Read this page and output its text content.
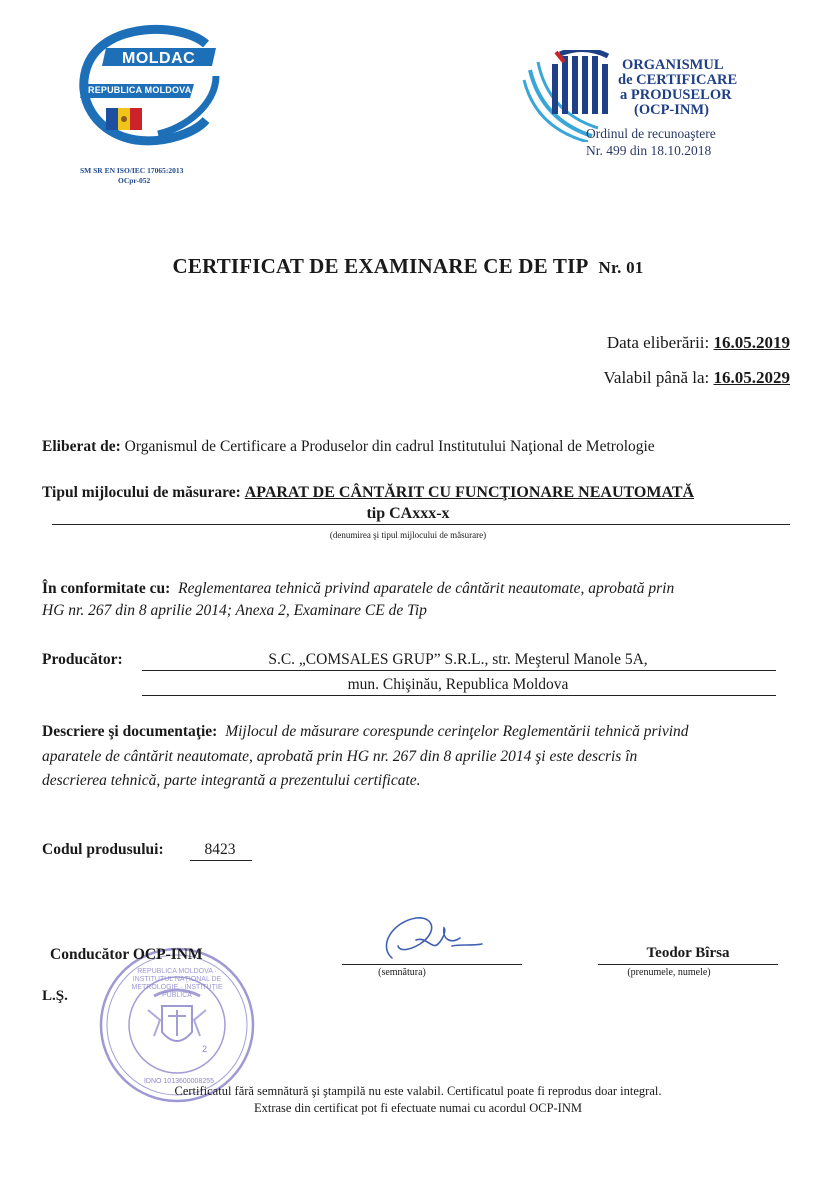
MOLDAC
REPUBLICA MOLDOVA
SM SR EN ISO/IEC 17065:2013
OCpr-052
ORGANISMUL
de CERTIFICARE
a PRODUSELOR
(OCP-INM)
Ordinul de recunoaştere
Nr. 499 din 18.10.2018
CERTIFICAT DE EXAMINARE CE DE TIP Nr. 01
Data eliberării: 16.05.2019
Valabil până la: 16.05.2029
Eliberat de: Organismul de Certificare a Produselor din cadrul Institutului Naţional de Metrologie
Tipul mijlocului de măsurare: APARAT DE CÂNTĂRIT CU FUNCŢIONARE NEAUTOMATĂ
tip CAxxx-x
(denumirea şi tipul mijlocului de măsurare)
În conformitate cu: Reglementarea tehnică privind aparatele de cântărit neautomate, aprobată prin
HG nr. 267 din 8 aprilie 2014; Anexa 2, Examinare CE de Tip
Producător:	S.C. „COMSALES GRUP” S.R.L., str. Meşterul Manole 5A,
mun. Chişinău, Republica Moldova
Descriere şi documentaţie: Mijlocul de măsurare corespunde cerinţelor Reglementării tehnică privind
aparatele de cântărit neautomate, aprobată prin HG nr. 267 din 8 aprilie 2014 şi este descris în
descrierea tehnică, parte integrantă a prezentului certificate.
Codul produsului:	8423
REPUBLICA MOLDOVA · INSTITUTUL NAŢIONAL DE METROLOGIE · INSTITUŢIE PUBLICĂ
2
IDNO 1013600008255
Conducător OCP-INM
(semnătura)
Teodor Bîrsa
(prenumele, numele)
L.Ş.
Certificatul fără semnătură şi ştampilă nu este valabil. Certificatul poate fi reprodus doar integral.
Extrase din certificat pot fi efectuate numai cu acordul OCP-INM
